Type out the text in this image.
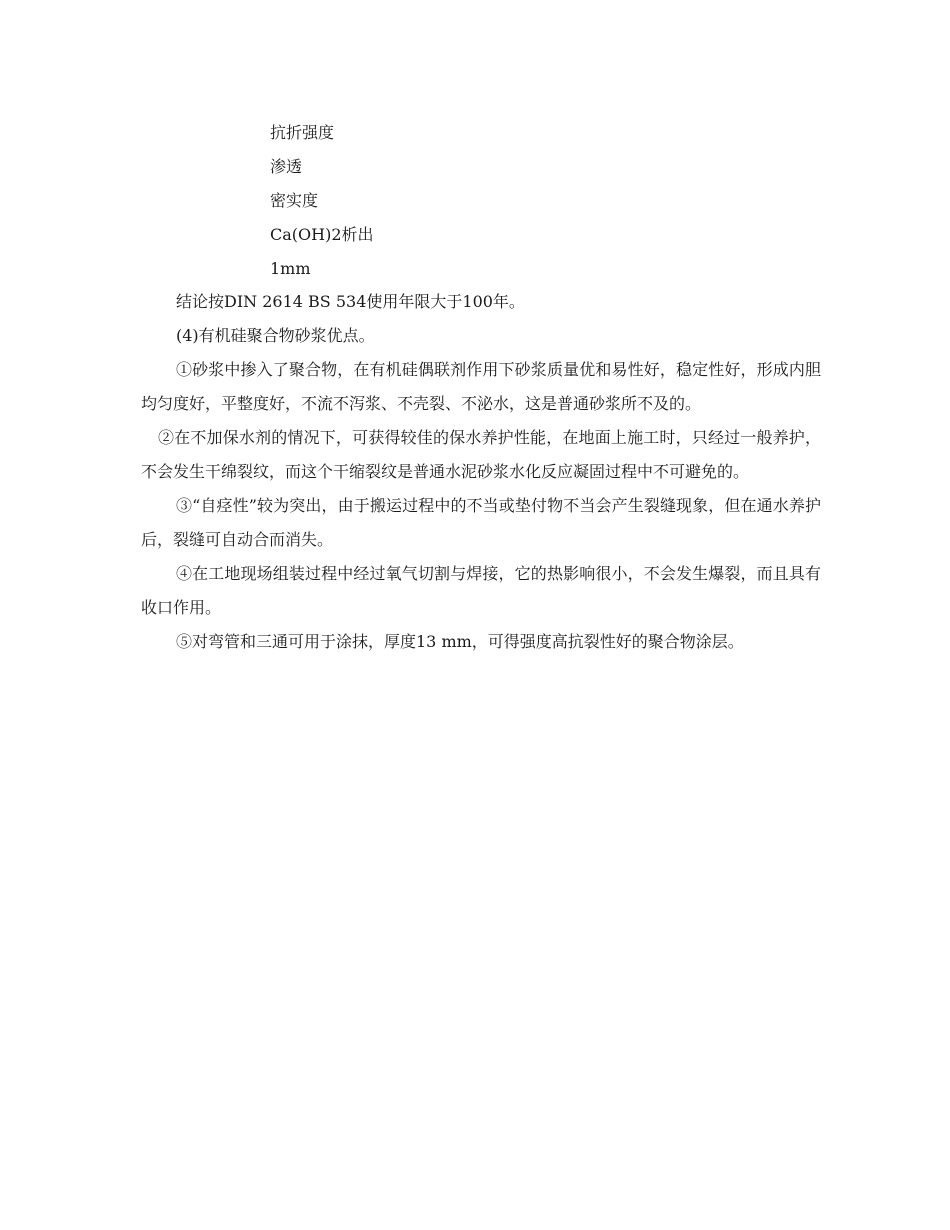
抗折强度
渗透
密实度
Ca(OH)2析出
1mm

结论按DIN 2614 BS 534使用年限大于100年。

(4)有机硅聚合物砂浆优点。

①砂浆中掺入了聚合物，在有机硅偶联剂作用下砂浆质量优和易性好，稳定性好，形成内胆均匀度好，平整度好，不流不泻浆、不壳裂、不泌水，这是普通砂浆所不及的。

②在不加保水剂的情况下，可获得较佳的保水养护性能，在地面上施工时，只经过一般养护，不会发生干绵裂纹，而这个干缩裂纹是普通水泥砂浆水化反应凝固过程中不可避免的。

③“自痉性”较为突出，由于搬运过程中的不当或垫付物不当会产生裂缝现象，但在通水养护后，裂缝可自动合而消失。

④在工地现场组装过程中经过氧气切割与焊接，它的热影响很小，不会发生爆裂，而且具有收口作用。

⑤对弯管和三通可用于涂抹，厚度13 mm，可得强度高抗裂性好的聚合物涂层。
